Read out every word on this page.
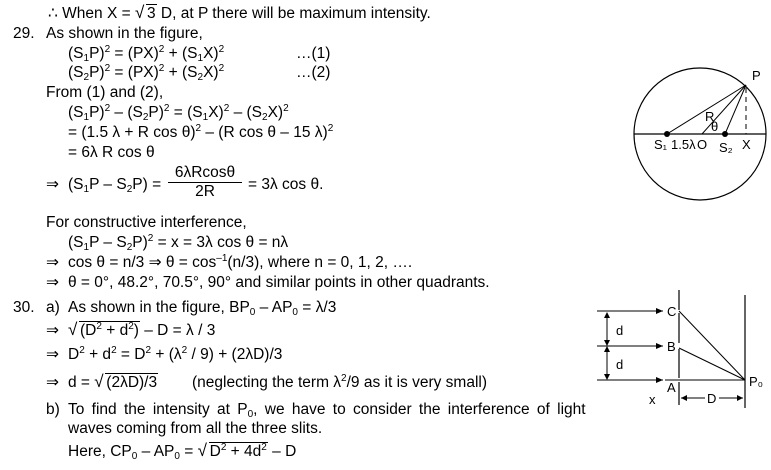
∴ When X = √ 3 D, at P there will be maximum intensity.
29. As shown in the figure,
$(S_1P)^2 = (PX)^2 + (S_1X)^2$	…(1)
$(S_2P)^2 = (PX)^2 + (S_2X)^2$	…(2)
From (1) and (2),
$(S_1P)^2 - (S_2P)^2 = (S_1X)^2 - (S_2X)^2$
= (1.5 λ + R cos θ)$^2$ – (R cos θ – 15 λ)$^2$
= 6λ R cos θ
⇒ $(S_1P - S_2P) = \frac{6\lambda Rcos\theta}{2R} = 3\lambda$ cos θ.
For constructive interference,
$(S_1P - S_2P)^2 = x = 3\lambda$ cos θ = nλ
⇒ cos θ = n/3 ⇒ $\theta = \cos^{-1}(n/3)$, where n = 0, 1, 2, ….
⇒ θ = 0°, 48.2°, 70.5°, 90° and similar points in other quadrants.
30. a) As shown in the figure, $BP_0 - AP_0 = \lambda/3$
⇒	√ $(D^2 + d^2) - D = \lambda / 3$
⇒ $D^2 + d^2 = D^2 + (\lambda^2 / 9) + (2\lambda D)/3$
⇒ d = √ (2λD)/3 (neglecting the term $\lambda^2/9$ as it is very small)
b) To find the intensity at $P_0$, we have to consider the interference of light
waves coming from all the three slits.
Here, $CP_0 - AP_0$ = √ $D^2 + 4d^2 - D$
P
R
θ
S₁ 1.5λ O S₂ X
C
B
A
d
d
P₀
x	D
